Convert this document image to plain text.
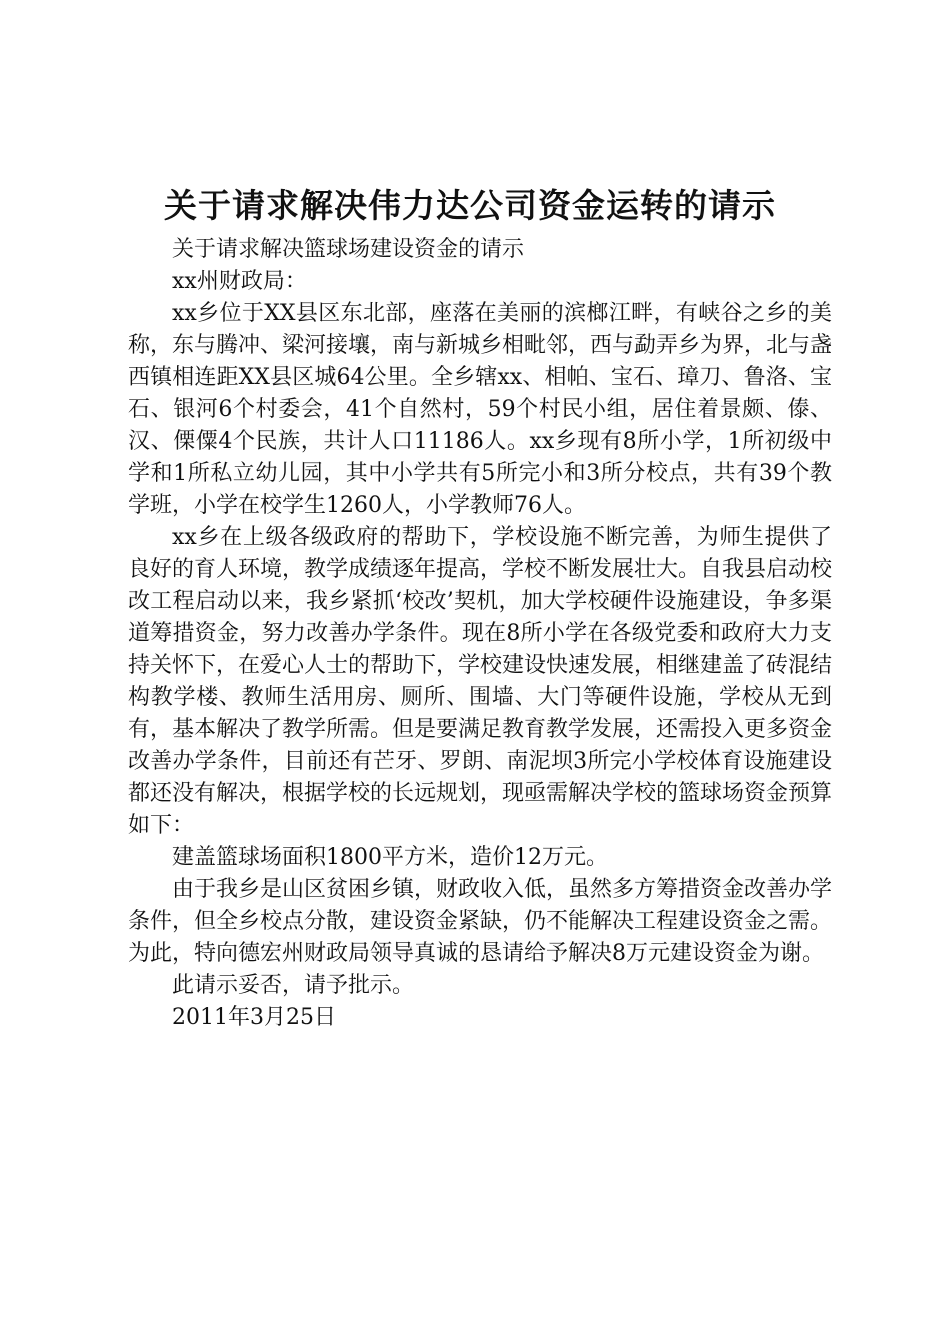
关于请求解决伟力达公司资金运转的请示

关于请求解决篮球场建设资金的请示

xx州财政局：

xx乡位于XX县区东北部，座落在美丽的滨榔江畔，有峡谷之乡的美称，东与腾冲、梁河接壤，南与新城乡相毗邻，西与勐弄乡为界，北与盏西镇相连距XX县区城64公里。全乡辖xx、相帕、宝石、璋刀、鲁洛、宝石、银河6个村委会，41个自然村，59个村民小组，居住着景颇、傣、汉、傈僳4个民族，共计人口11186人。xx乡现有8所小学，1所初级中学和1所私立幼儿园，其中小学共有5所完小和3所分校点，共有39个教学班，小学在校学生1260人，小学教师76人。

xx乡在上级各级政府的帮助下，学校设施不断完善，为师生提供了良好的育人环境，教学成绩逐年提高，学校不断发展壮大。自我县启动校改工程启动以来，我乡紧抓‘校改’契机，加大学校硬件设施建设，争多渠道筹措资金，努力改善办学条件。现在8所小学在各级党委和政府大力支持关怀下，在爱心人士的帮助下，学校建设快速发展，相继建盖了砖混结构教学楼、教师生活用房、厕所、围墙、大门等硬件设施，学校从无到有，基本解决了教学所需。但是要满足教育教学发展，还需投入更多资金改善办学条件，目前还有芒牙、罗朗、南泥坝3所完小学校体育设施建设都还没有解决，根据学校的长远规划，现亟需解决学校的篮球场资金预算如下：

建盖篮球场面积1800平方米，造价12万元。

由于我乡是山区贫困乡镇，财政收入低，虽然多方筹措资金改善办学条件，但全乡校点分散，建设资金紧缺，仍不能解决工程建设资金之需。为此，特向德宏州财政局领导真诚的恳请给予解决8万元建设资金为谢。

此请示妥否，请予批示。

2011年3月25日
